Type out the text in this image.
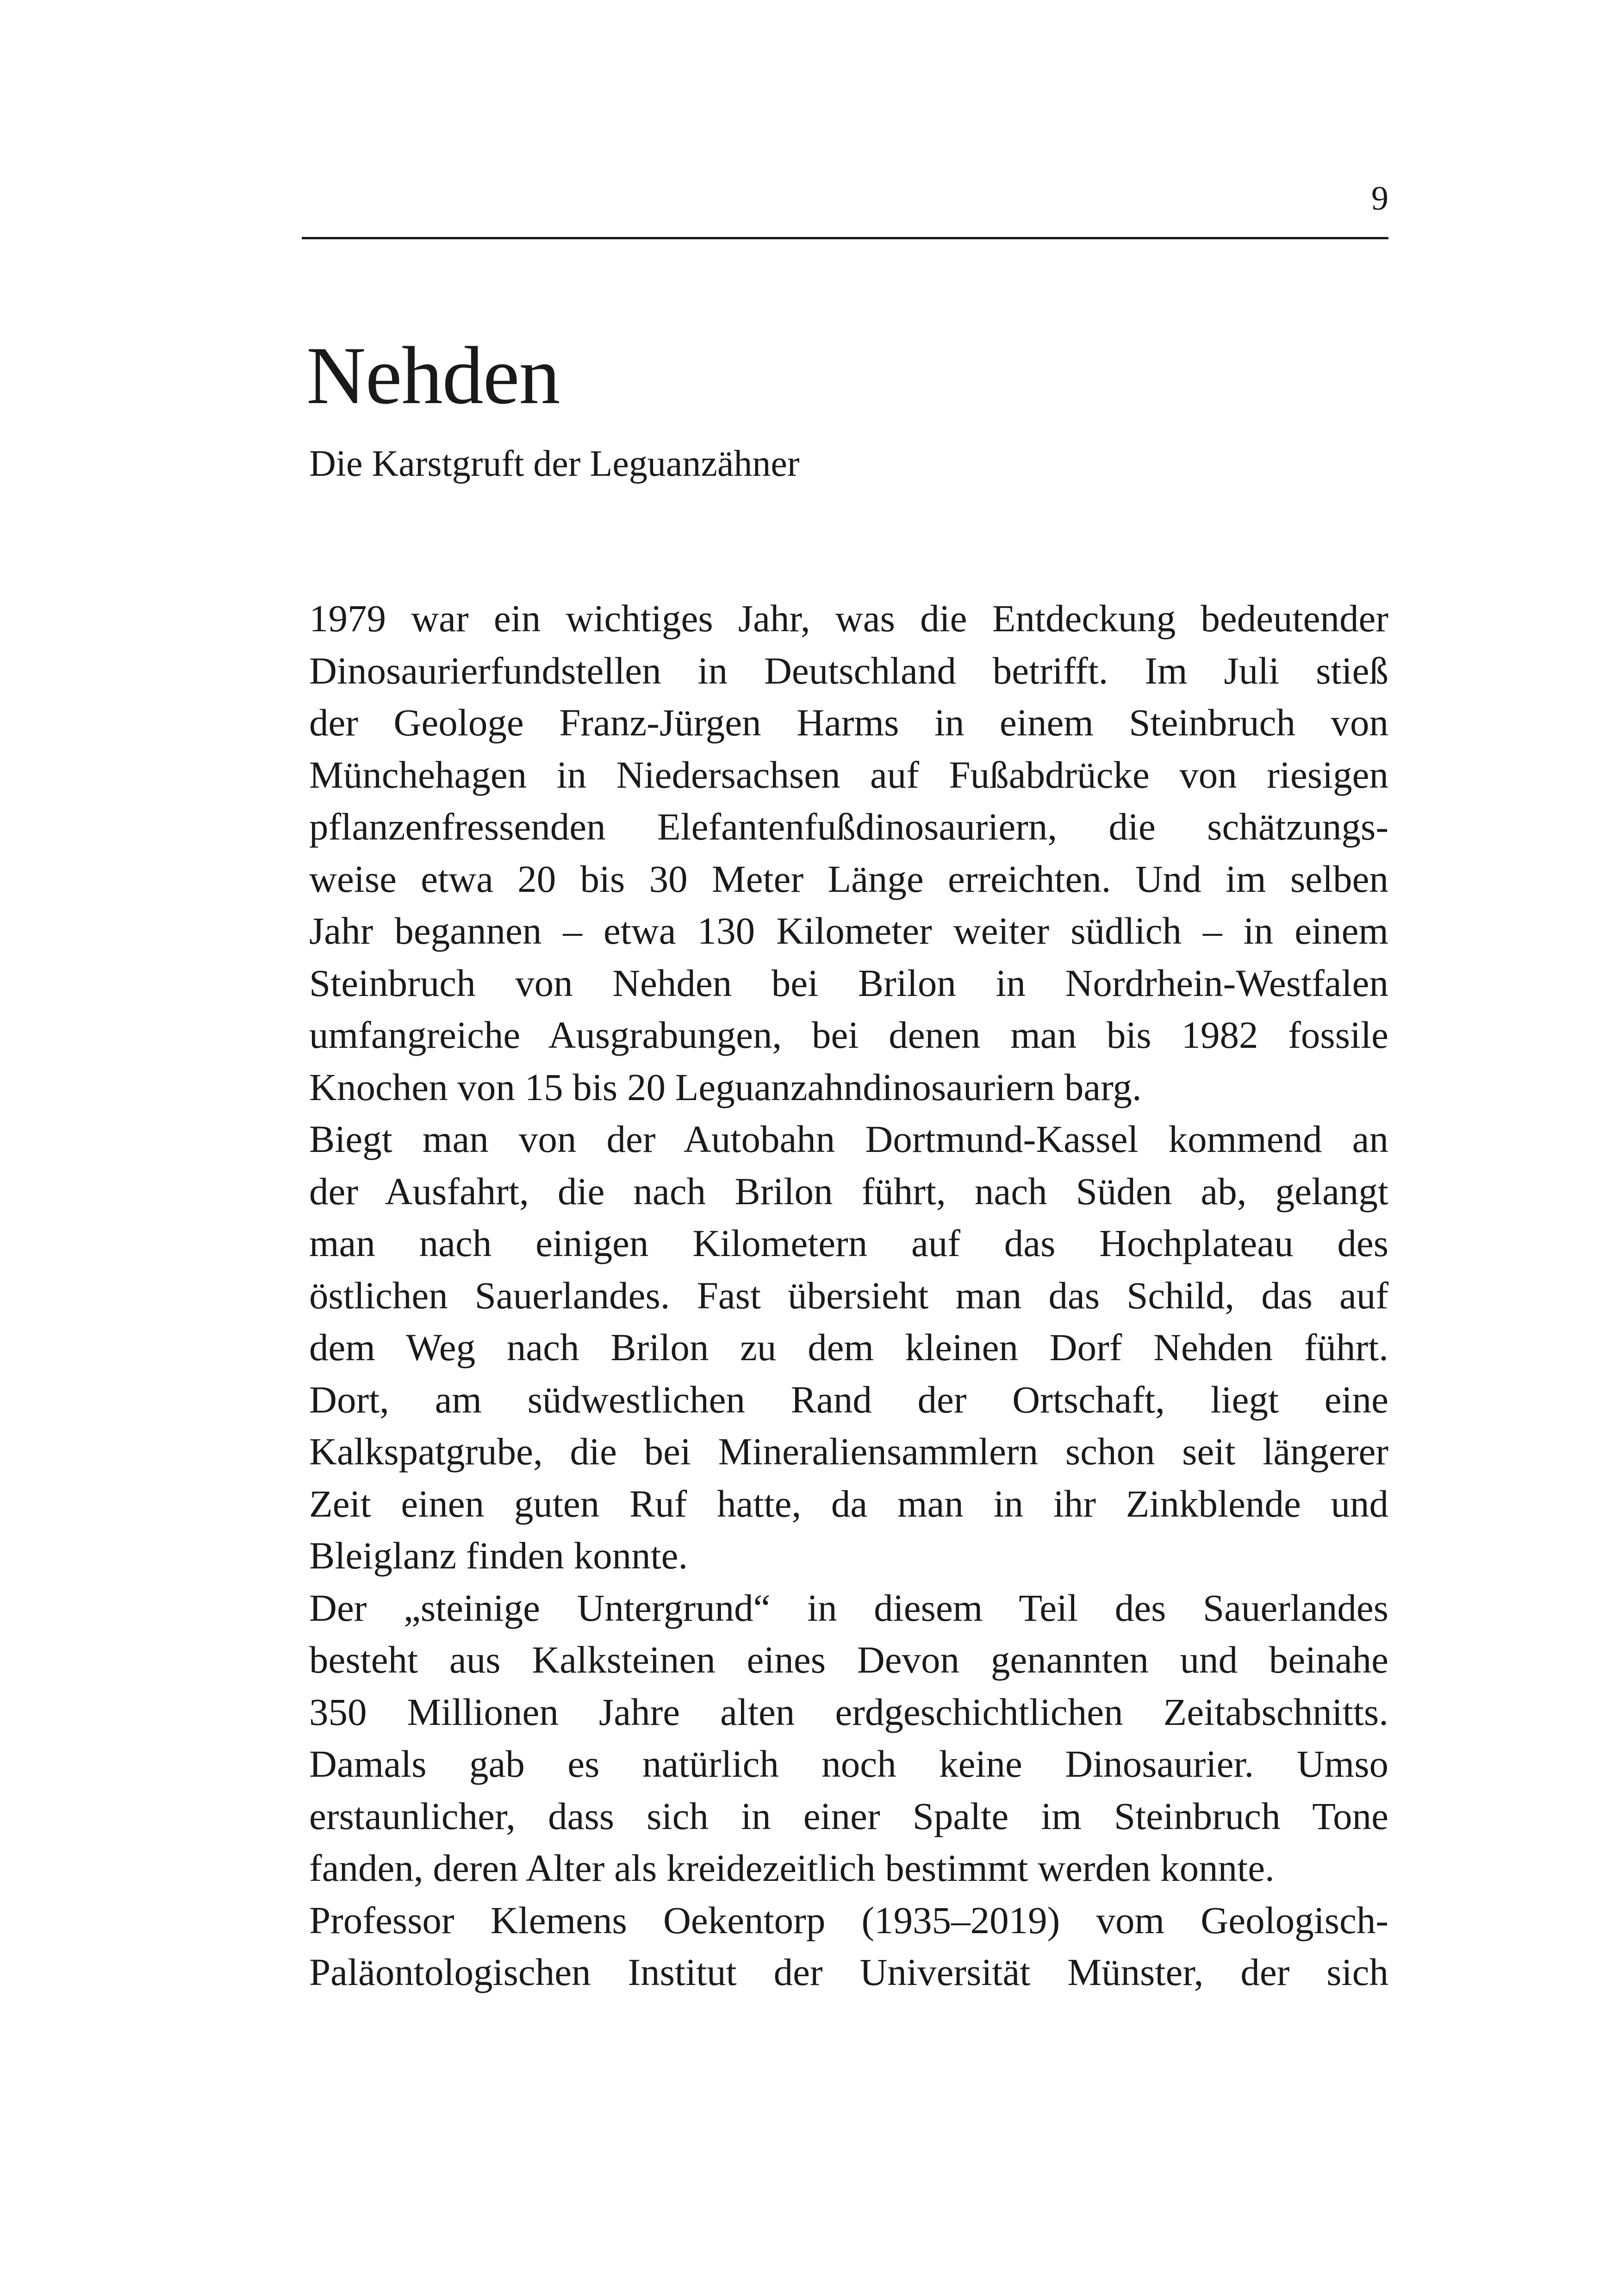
9
Nehden

Die Karstgruft der Leguanzähner

1979 war ein wichtiges Jahr, was die Entdeckung bedeutender
Dinosaurierfundstellen in Deutschland betrifft. Im Juli stieß
der Geologe Franz-Jürgen Harms in einem Steinbruch von
Münchehagen in Niedersachsen auf Fußabdrücke von riesigen
pflanzenfressenden Elefantenfußdinosauriern, die schätzungs-
weise etwa 20 bis 30 Meter Länge erreichten. Und im selben
Jahr begannen – etwa 130 Kilometer weiter südlich – in einem
Steinbruch von Nehden bei Brilon in Nordrhein-Westfalen
umfangreiche Ausgrabungen, bei denen man bis 1982 fossile
Knochen von 15 bis 20 Leguanzahndinosauriern barg.
Biegt man von der Autobahn Dortmund-Kassel kommend an
der Ausfahrt, die nach Brilon führt, nach Süden ab, gelangt
man nach einigen Kilometern auf das Hochplateau des
östlichen Sauerlandes. Fast übersieht man das Schild, das auf
dem Weg nach Brilon zu dem kleinen Dorf Nehden führt.
Dort, am südwestlichen Rand der Ortschaft, liegt eine
Kalkspatgrube, die bei Mineraliensammlern schon seit längerer
Zeit einen guten Ruf hatte, da man in ihr Zinkblende und
Bleiglanz finden konnte.
Der „steinige Untergrund“ in diesem Teil des Sauerlandes
besteht aus Kalksteinen eines Devon genannten und beinahe
350 Millionen Jahre alten erdgeschichtlichen Zeitabschnitts.
Damals gab es natürlich noch keine Dinosaurier. Umso
erstaunlicher, dass sich in einer Spalte im Steinbruch Tone
fanden, deren Alter als kreidezeitlich bestimmt werden konnte.
Professor Klemens Oekentorp (1935–2019) vom Geologisch-
Paläontologischen Institut der Universität Münster, der sich
